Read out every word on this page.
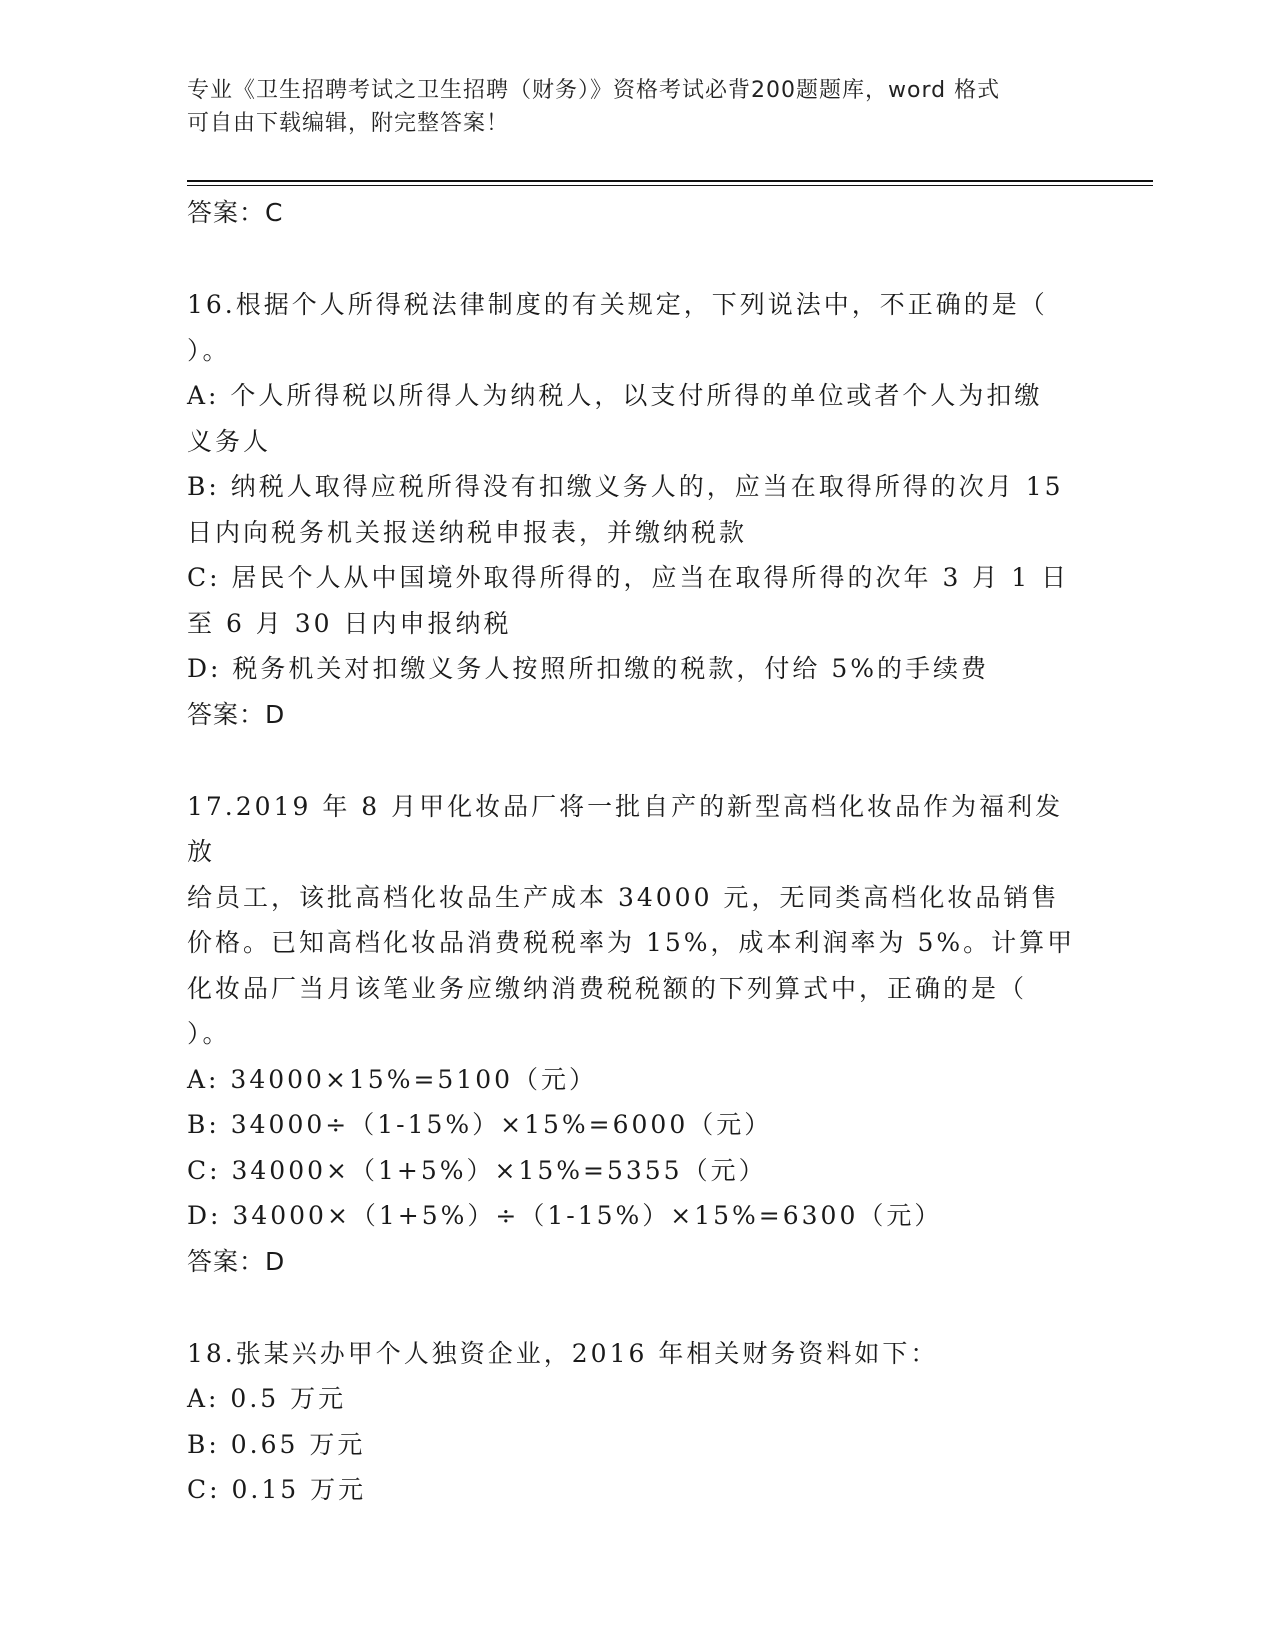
专业《卫生招聘考试之卫生招聘（财务）》资格考试必背200题题库，word 格式
可自由下载编辑，附完整答案！

答案：C

16.根据个人所得税法律制度的有关规定，下列说法中，不正确的是（

）。

A: 个人所得税以所得人为纳税人，以支付所得的单位或者个人为扣缴

义务人

B: 纳税人取得应税所得没有扣缴义务人的，应当在取得所得的次月 15

日内向税务机关报送纳税申报表，并缴纳税款

C: 居民个人从中国境外取得所得的，应当在取得所得的次年 3 月 1 日

至 6 月 30 日内申报纳税

D: 税务机关对扣缴义务人按照所扣缴的税款，付给 5%的手续费

答案：D

17.2019 年 8 月甲化妆品厂将一批自产的新型高档化妆品作为福利发放

给员工，该批高档化妆品生产成本 34000 元，无同类高档化妆品销售

价格。已知高档化妆品消费税税率为 15%，成本利润率为 5%。计算甲

化妆品厂当月该笔业务应缴纳消费税税额的下列算式中，正确的是（

）。

A: 34000×15%=5100（元）

B: 34000÷（1-15%）×15%=6000（元）

C: 34000×（1+5%）×15%=5355（元）

D: 34000×（1+5%）÷（1-15%）×15%=6300（元）

答案：D

18.张某兴办甲个人独资企业，2016 年相关财务资料如下：

A: 0.5 万元

B: 0.65 万元

C: 0.15 万元
